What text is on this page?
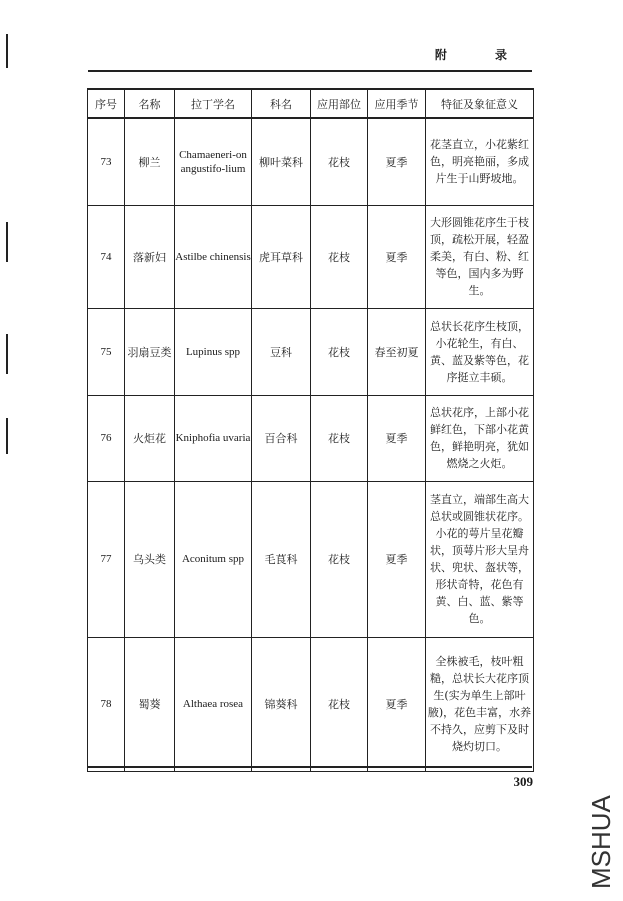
附 录
序号	名称	拉丁学名	科名	应用部位	应用季节	特征及象征意义
73	柳兰	Chamaeneri-on angustifo-lium	柳叶菜科	花枝	夏季	花茎直立，小花紫红色，明亮艳丽，多成片生于山野坡地。
74	落新妇	Astilbe chinensis	虎耳草科	花枝	夏季	大形圆锥花序生于枝顶，疏松开展，轻盈柔美，有白、粉、红等色，国内多为野生。
75	羽扇豆类	Lupinus spp	豆科	花枝	春至初夏	总状长花序生枝顶，小花轮生，有白、黄、蓝及紫等色，花序挺立丰硕。
76	火炬花	Kniphofia uvaria	百合科	花枝	夏季	总状花序，上部小花鲜红色，下部小花黄色，鲜艳明亮，犹如燃烧之火炬。
77	乌头类	Aconitum spp	毛茛科	花枝	夏季	茎直立，端部生高大总状或圆锥状花序。小花的萼片呈花瓣状，顶萼片形大呈舟状、兜状、盔状等，形状奇特，花色有黄、白、蓝、紫等色。
78	蜀葵	Althaea rosea	锦葵科	花枝	夏季	全株被毛，枝叶粗糙，总状长大花序顶生(实为单生上部叶腋)，花色丰富，水养不持久，应剪下及时烧灼切口。
309
MSHUA
